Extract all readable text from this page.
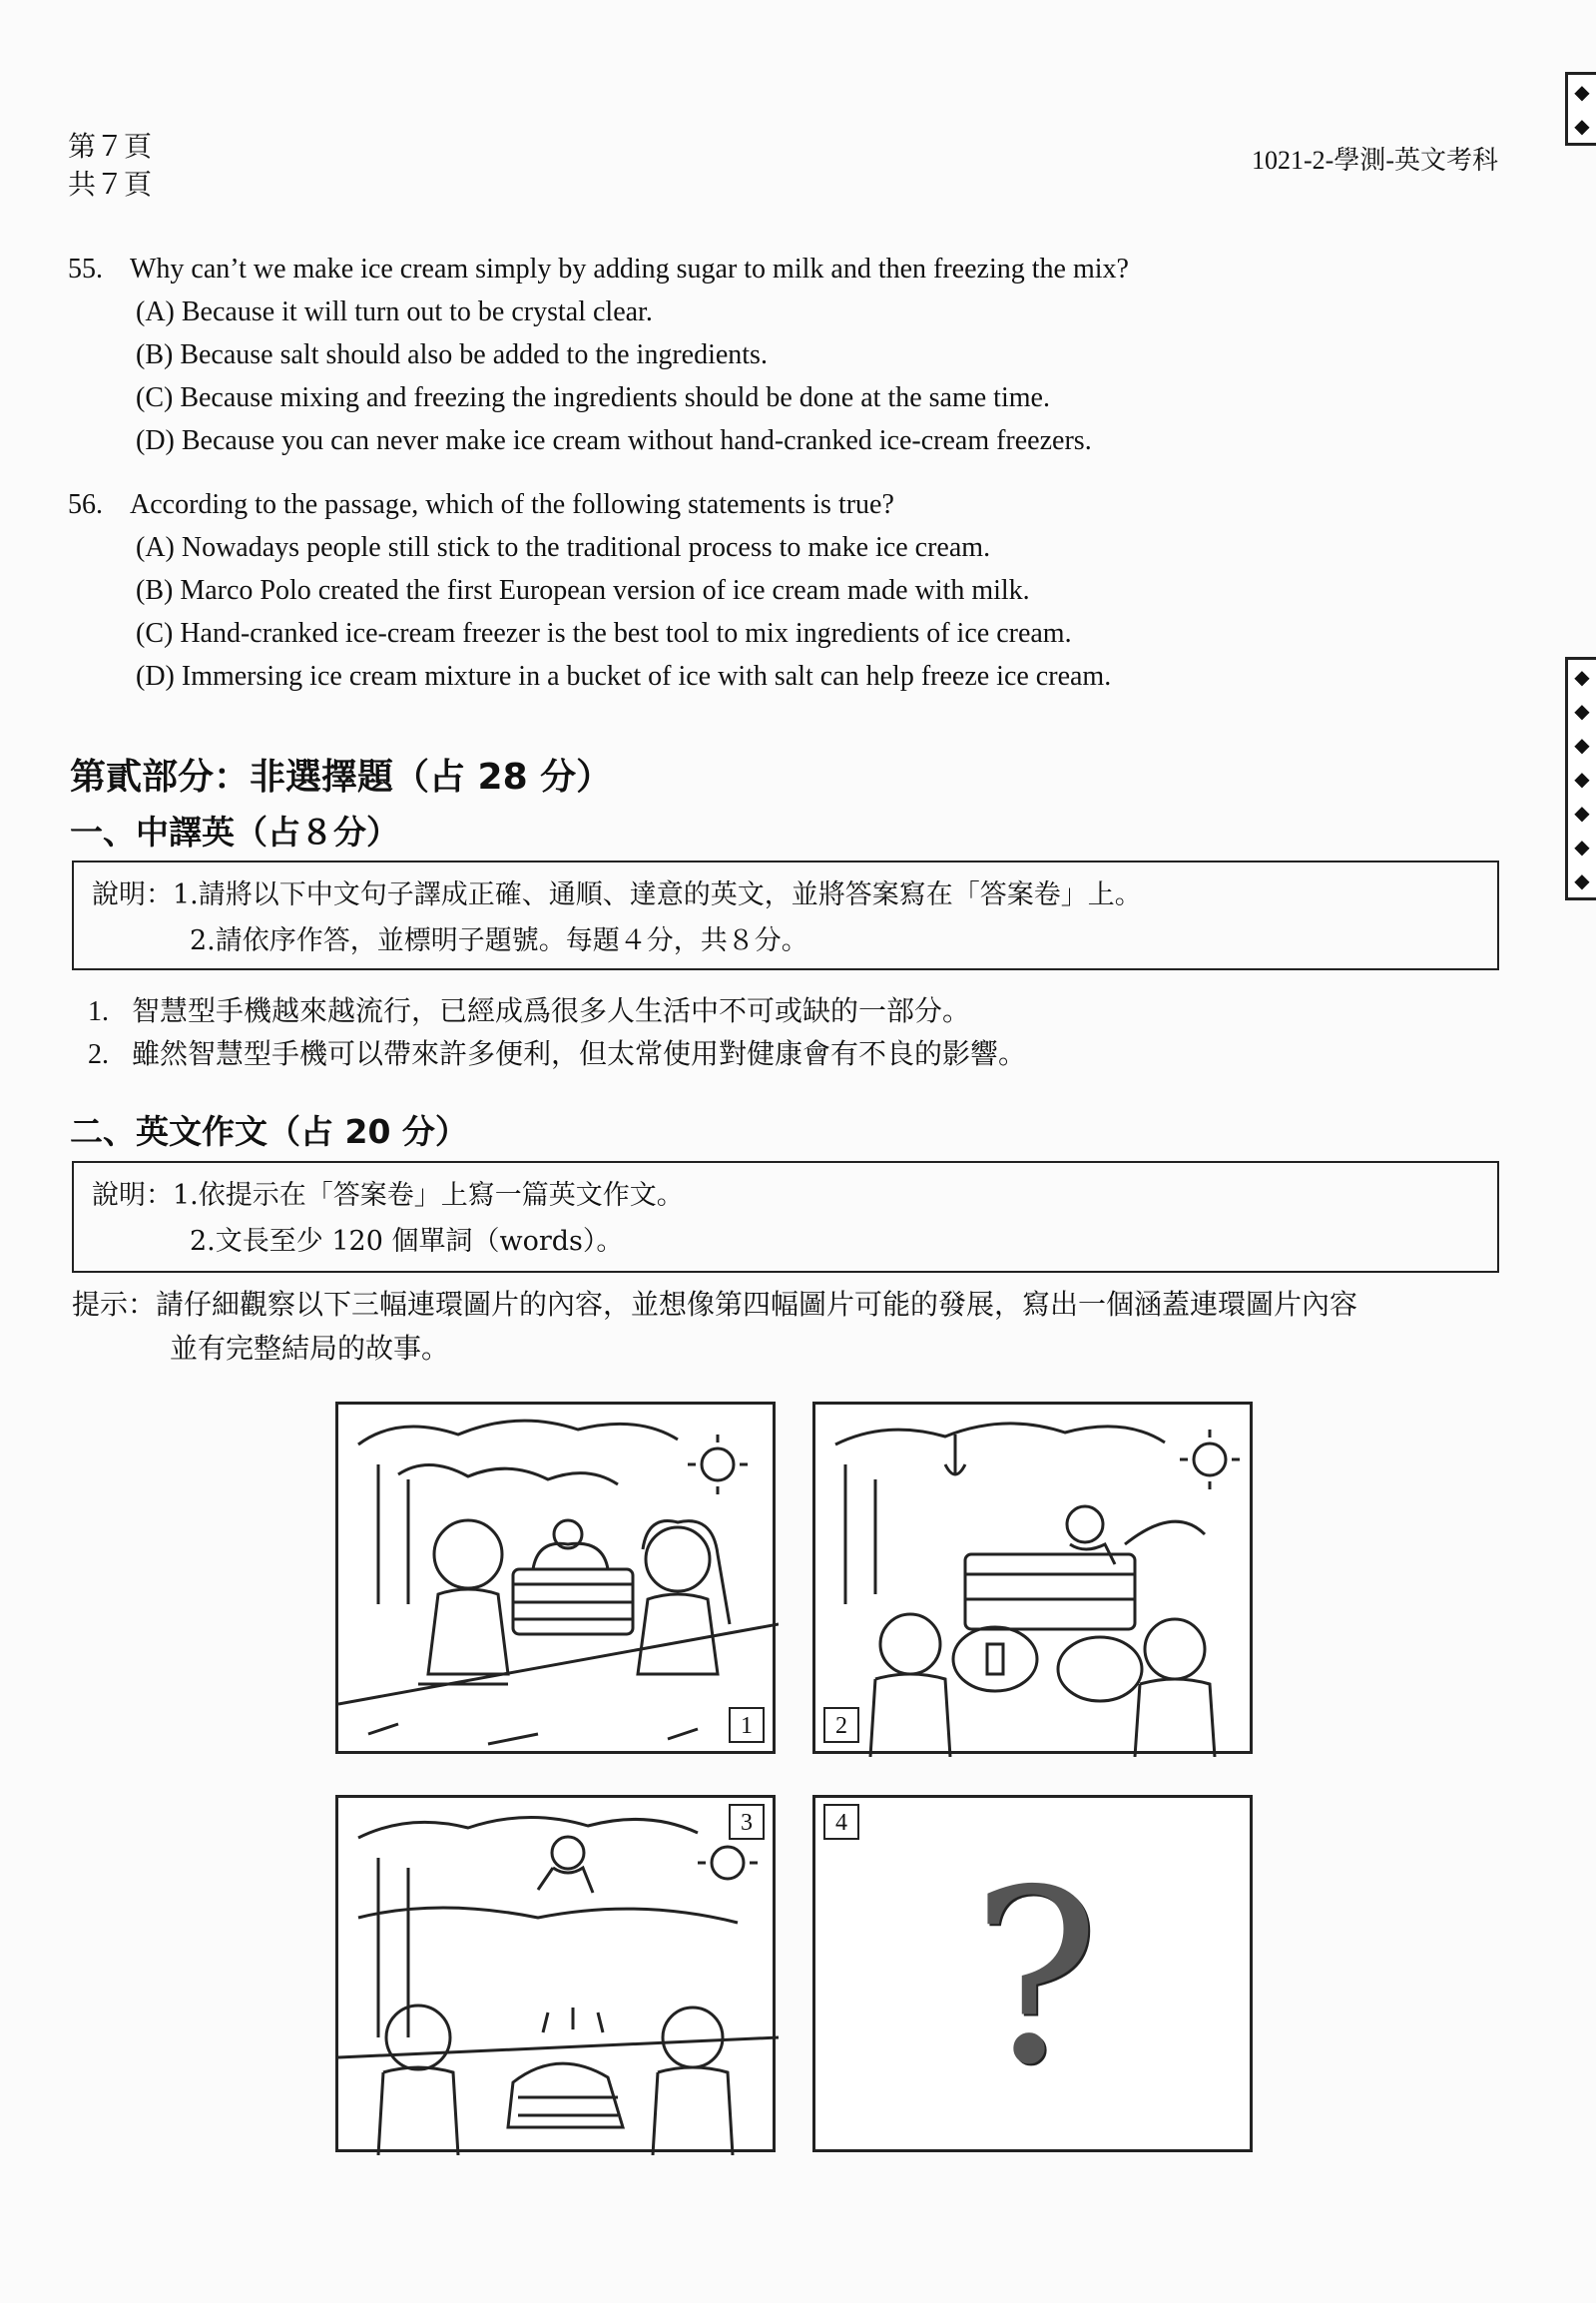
第７頁
共７頁
1021-2-學測-英文考科
◆
◆
◆
◆
◆
◆
◆
◆
◆
55. Why can’t we make ice cream simply by adding sugar to milk and then freezing the mix?
(A) Because it will turn out to be crystal clear.
(B) Because salt should also be added to the ingredients.
(C) Because mixing and freezing the ingredients should be done at the same time.
(D) Because you can never make ice cream without hand-cranked ice-cream freezers.
56. According to the passage, which of the following statements is true?
(A) Nowadays people still stick to the traditional process to make ice cream.
(B) Marco Polo created the first European version of ice cream made with milk.
(C) Hand-cranked ice-cream freezer is the best tool to mix ingredients of ice cream.
(D) Immersing ice cream mixture in a bucket of ice with salt can help freeze ice cream.
第貳部分：非選擇題（占 28 分）
一、中譯英（占８分）
說明：1.請將以下中文句子譯成正確、通順、達意的英文，並將答案寫在「答案卷」上。
2.請依序作答，並標明子題號。每題４分，共８分。
1. 智慧型手機越來越流行，已經成爲很多人生活中不可或缺的一部分。
2. 雖然智慧型手機可以帶來許多便利，但太常使用對健康會有不良的影響。
二、英文作文（占 20 分）
說明：1.依提示在「答案卷」上寫一篇英文作文。
2.文長至少 120 個單詞（words）。
提示：請仔細觀察以下三幅連環圖片的內容，並想像第四幅圖片可能的發展，寫出一個涵蓋連環圖片內容
並有完整結局的故事。
1	2
3	4
?
